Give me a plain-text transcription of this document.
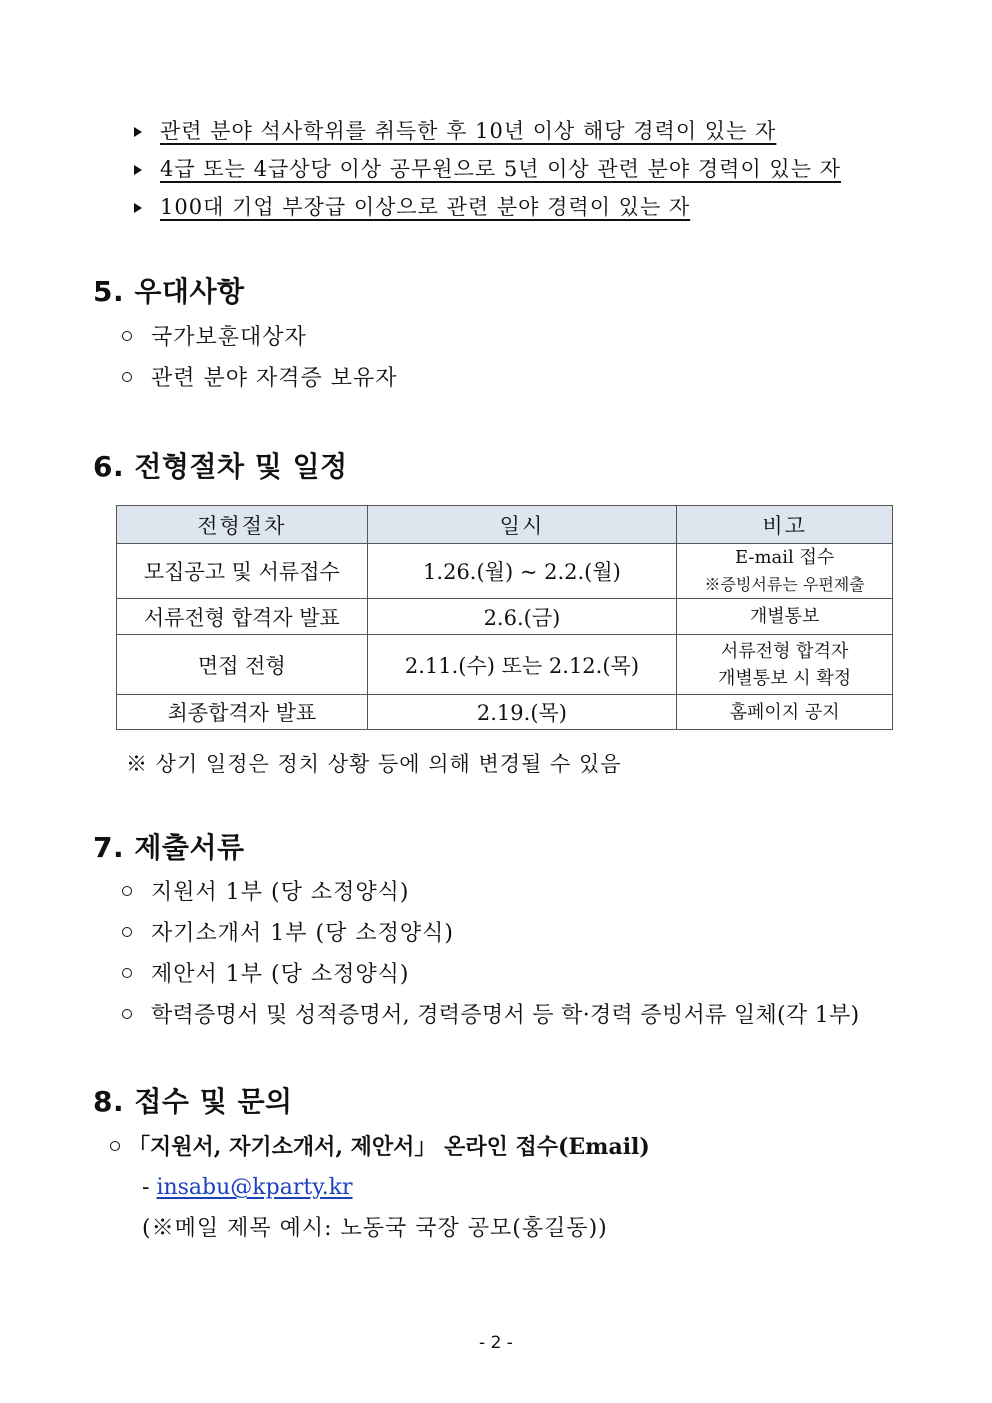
관련 분야 석사학위를 취득한 후 10년 이상 해당 경력이 있는 자
4급 또는 4급상당 이상 공무원으로 5년 이상 관련 분야 경력이 있는 자
100대 기업 부장급 이상으로 관련 분야 경력이 있는 자
5. 우대사항
국가보훈대상자
관련 분야 자격증 보유자
6. 전형절차 및 일정
전형절차	일시	비고
모집공고 및 서류접수	1.26.(월) ~ 2.2.(월)	E-mail 접수
※증빙서류는 우편제출

서류전형 합격자 발표	2.6.(금)	개별통보
면접 전형	2.11.(수) 또는 2.12.(목)	서류전형 합격자
개별통보 시 확정

최종합격자 발표	2.19.(목)	홈페이지 공지
※ 상기 일정은 정치 상황 등에 의해 변경될 수 있음
7. 제출서류
지원서 1부 (당 소정양식)
자기소개서 1부 (당 소정양식)
제안서 1부 (당 소정양식)
학력증명서 및 성적증명서, 경력증명서 등 학·경력 증빙서류 일체(각 1부)
8. 접수 및 문의
「지원서, 자기소개서, 제안서」 온라인 접수(Email)
- insabu@kparty.kr
(※메일 제목 예시: 노동국 국장 공모(홍길동))
- 2 -
